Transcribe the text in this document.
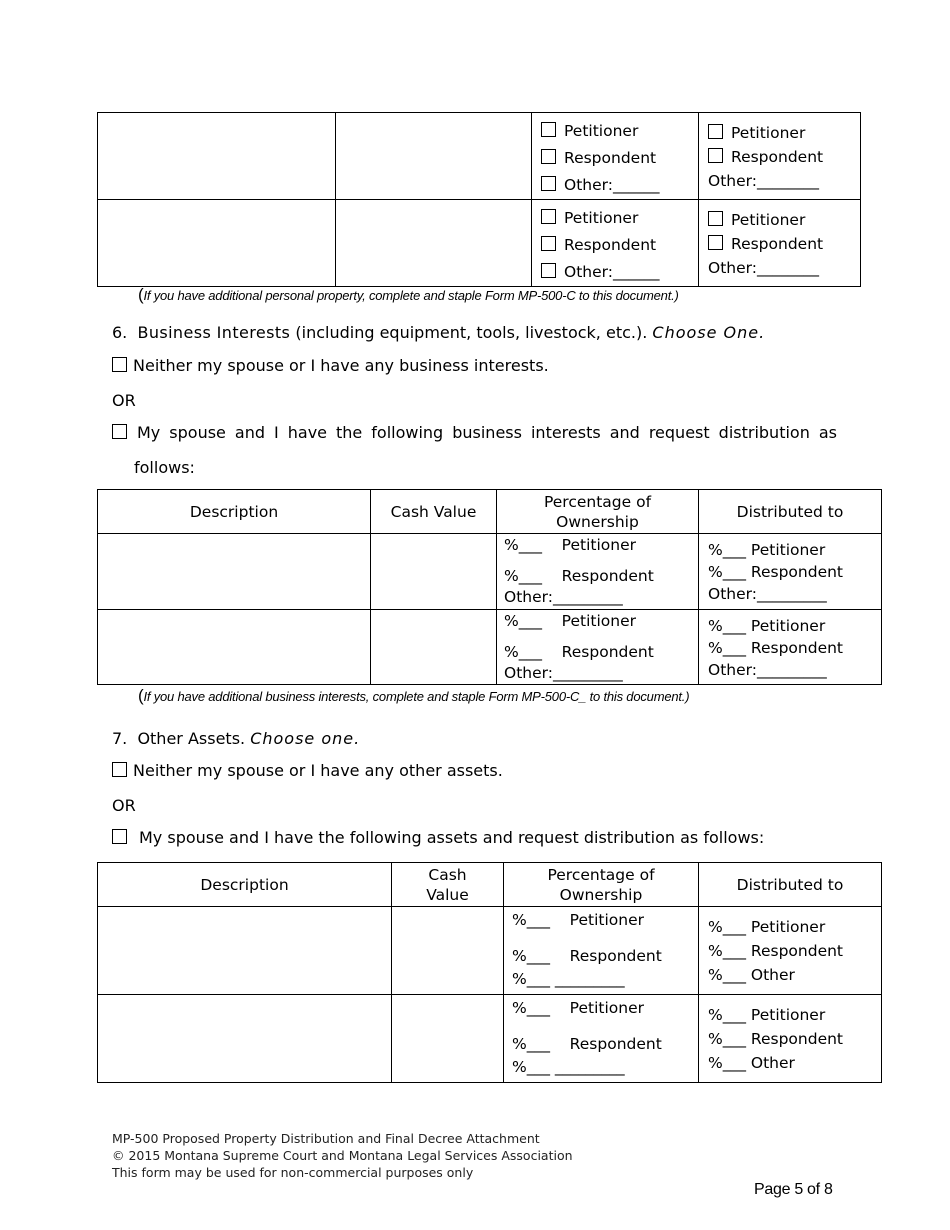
		Petitioner
Respondent
Other:______	Petitioner
Respondent
Other:________

		Petitioner
Respondent
Other:______	Petitioner
Respondent
Other:________
(If you have additional personal property, complete and staple Form MP-500-C to this document.)
6. Business Interests (including equipment, tools, livestock, etc.). Choose One.
Neither my spouse or I have any business interests.
OR
My spouse and I have the following business interests and request distribution as
follows:
Description	Cash Value	Percentage of Ownership	Distributed to

		%___    Petitioner
%___    Respondent
Other:_________	%___ Petitioner
%___ Respondent
Other:_________

		%___    Petitioner
%___    Respondent
Other:_________	%___ Petitioner
%___ Respondent
Other:_________
(If you have additional business interests, complete and staple Form MP-500-C_ to this document.)
7. Other Assets. Choose one.
Neither my spouse or I have any other assets.
OR
My spouse and I have the following assets and request distribution as follows:
Description	Cash Value	Percentage of Ownership	Distributed to

		%___    Petitioner
%___    Respondent
%___ _________	%___ Petitioner
%___ Respondent
%___ Other

		%___    Petitioner
%___    Respondent
%___ _________	%___ Petitioner
%___ Respondent
%___ Other
MP-500 Proposed Property Distribution and Final Decree Attachment
© 2015 Montana Supreme Court and Montana Legal Services Association
This form may be used for non-commercial purposes only
Page 5 of 8
